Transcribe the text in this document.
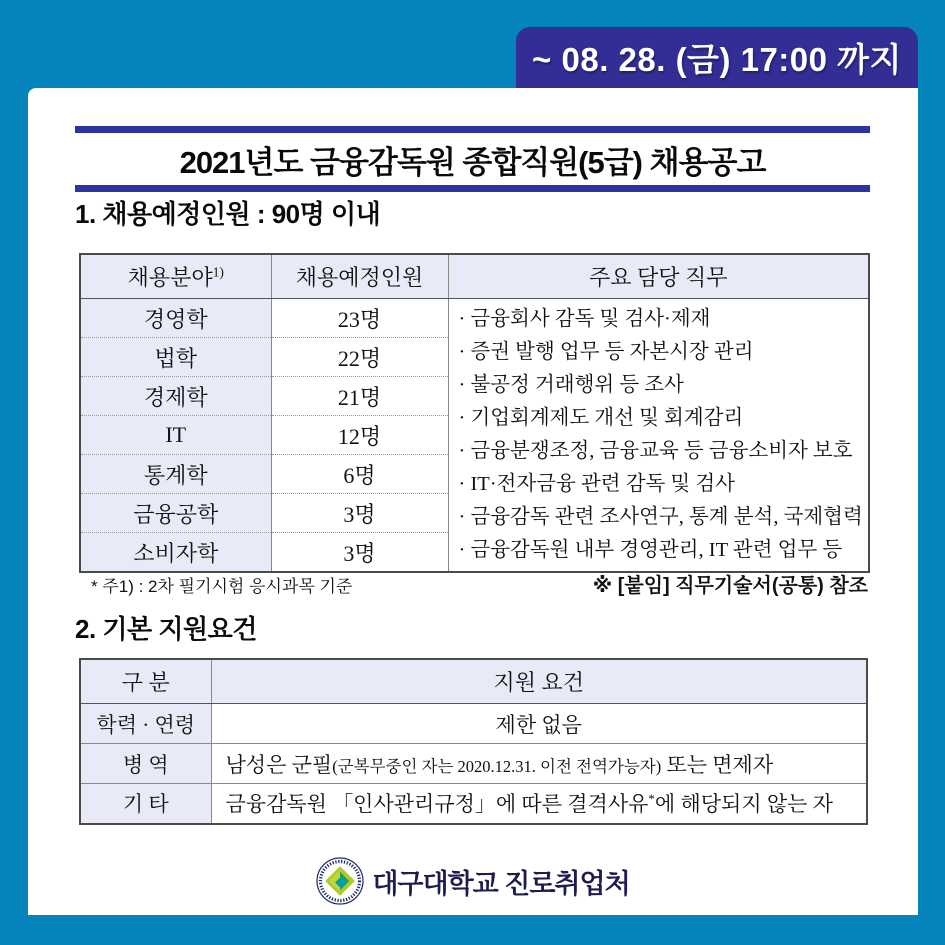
~ 08. 28. (금) 17:00 까지
2021년도 금융감독원 종합직원(5급) 채용공고
1. 채용예정인원 : 90명 이내
채용분야$^{1)}$	채용예정인원	주요 담당 직무
경영학	23명	· 금융회사 감독 및 검사·제재
· 증권 발행 업무 등 자본시장 관리
· 불공정 거래행위 등 조사
· 기업회계제도 개선 및 회계감리
· 금융분쟁조정, 금융교육 등 금융소비자 보호
· IT·전자금융 관련 감독 및 검사
· 금융감독 관련 조사연구, 통계 분석, 국제협력
· 금융감독원 내부 경영관리, IT 관련 업무 등

법학	22명	
경제학	21명	
IT	12명	
통계학	6명	
금융공학	3명	
소비자학	3명	
* 주1) : 2차 필기시험 응시과목 기준	※ [붙임] 직무기술서(공통) 참조
2. 기본 지원요건
구 분	지원 요건
학력 · 연령	제한 없음
병 역	남성은 군필(군복무중인 자는 2020.12.31. 이전 전역가능자) 또는 면제자
기 타	금융감독원 「인사관리규정」에 따른 결격사유*에 해당되지 않는 자
대구대학교 진로취업처
